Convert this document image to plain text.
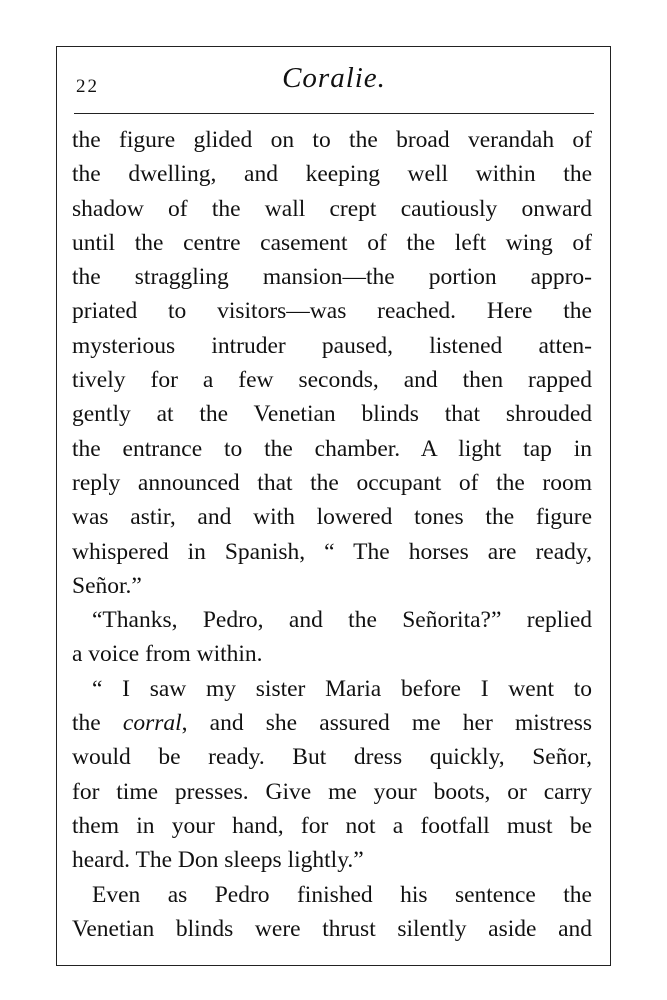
22	Coralie.
the figure glided on to the broad verandah of
the dwelling, and keeping well within the
shadow of the wall crept cautiously onward
until the centre casement of the left wing of
the straggling mansion—the portion appro-
priated to visitors—was reached. Here the
mysterious intruder paused, listened atten-
tively for a few seconds, and then rapped
gently at the Venetian blinds that shrouded
the entrance to the chamber. A light tap in
reply announced that the occupant of the room
was astir, and with lowered tones the figure
whispered in Spanish, “ The horses are ready,
Señor.”
“Thanks, Pedro, and the Señorita?” replied
a voice from within.
“ I saw my sister Maria before I went to
the corral, and she assured me her mistress
would be ready. But dress quickly, Señor,
for time presses. Give me your boots, or carry
them in your hand, for not a footfall must be
heard. The Don sleeps lightly.”
Even as Pedro finished his sentence the
Venetian blinds were thrust silently aside and
